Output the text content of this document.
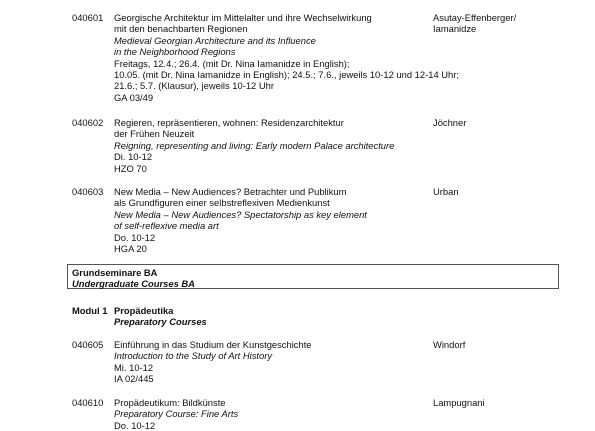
040601 Georgische Architektur im Mittelalter und ihre Wechselwirkung
mit den benachbarten Regionen
Medieval Georgian Architecture and its Influence
in the Neighborhood Regions
Freitags, 12.4.; 26.4. (mit Dr. Nina Iamanidze in English);
10.05. (mit Dr. Nina Iamanidze in English); 24.5.; 7.6., jeweils 10-12 und 12-14 Uhr;
21.6.; 5.7. (Klausur), jeweils 10-12 Uhr
GA 03/49
Asutay-Effenberger/
Iamanidze
040602 Regieren, repräsentieren, wohnen: Residenzarchitektur
der Frühen Neuzeit
Reigning, representing and living: Early modern Palace architecture
Di. 10-12
HZO 70
Jöchner
040603 New Media – New Audiences? Betrachter und Publikum
als Grundfiguren einer selbstreflexiven Medienkunst
New Media – New Audiences? Spectatorship as key element
of self-reflexive media art
Do. 10-12
HGA 20
Urban
Grundseminare BA
Undergraduate Courses BA
Modul 1 Propädeutika
Preparatory Courses
040605 Einführung in das Studium der Kunstgeschichte
Introduction to the Study of Art History
Mi. 10-12
IA 02/445
Windorf
040610 Propädeutikum: Bildkünste
Preparatory Course: Fine Arts
Do. 10-12
Lampugnani
